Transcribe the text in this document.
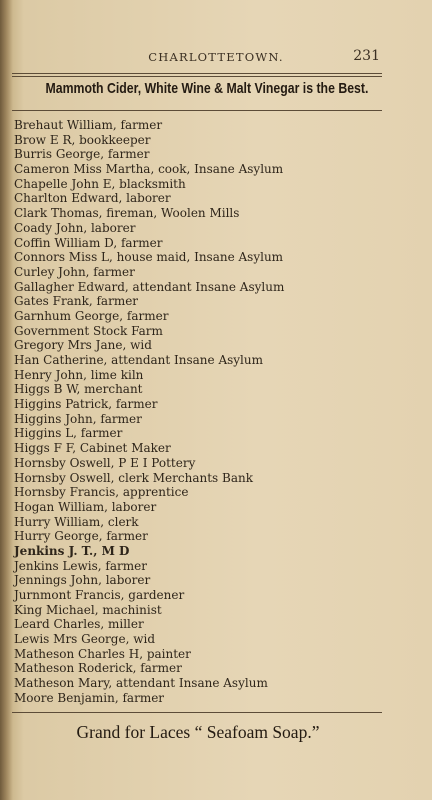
CHARLOTTETOWN.	231
Mammoth Cider, White Wine & Malt Vinegar is the Best.
Brehaut William, farmer
Brow E R, bookkeeper
Burris George, farmer
Cameron Miss Martha, cook, Insane Asylum
Chapelle John E, blacksmith
Charlton Edward, laborer
Clark Thomas, fireman, Woolen Mills
Coady John, laborer
Coffin William D, farmer
Connors Miss L, house maid, Insane Asylum
Curley John, farmer
Gallagher Edward, attendant Insane Asylum
Gates Frank, farmer
Garnhum George, farmer
Government Stock Farm
Gregory Mrs Jane, wid
Han Catherine, attendant Insane Asylum
Henry John, lime kiln
Higgs B W, merchant
Higgins Patrick, farmer
Higgins John, farmer
Higgins L, farmer
Higgs F F, Cabinet Maker
Hornsby Oswell, P E I Pottery
Hornsby Oswell, clerk Merchants Bank
Hornsby Francis, apprentice
Hogan William, laborer
Hurry William, clerk
Hurry George, farmer
Jenkins J. T., M D
Jenkins Lewis, farmer
Jennings John, laborer
Jurnmont Francis, gardener
King Michael, machinist
Leard Charles, miller
Lewis Mrs George, wid
Matheson Charles H, painter
Matheson Roderick, farmer
Matheson Mary, attendant Insane Asylum
Moore Benjamin, farmer
Grand for Laces “ Seafoam Soap.”
